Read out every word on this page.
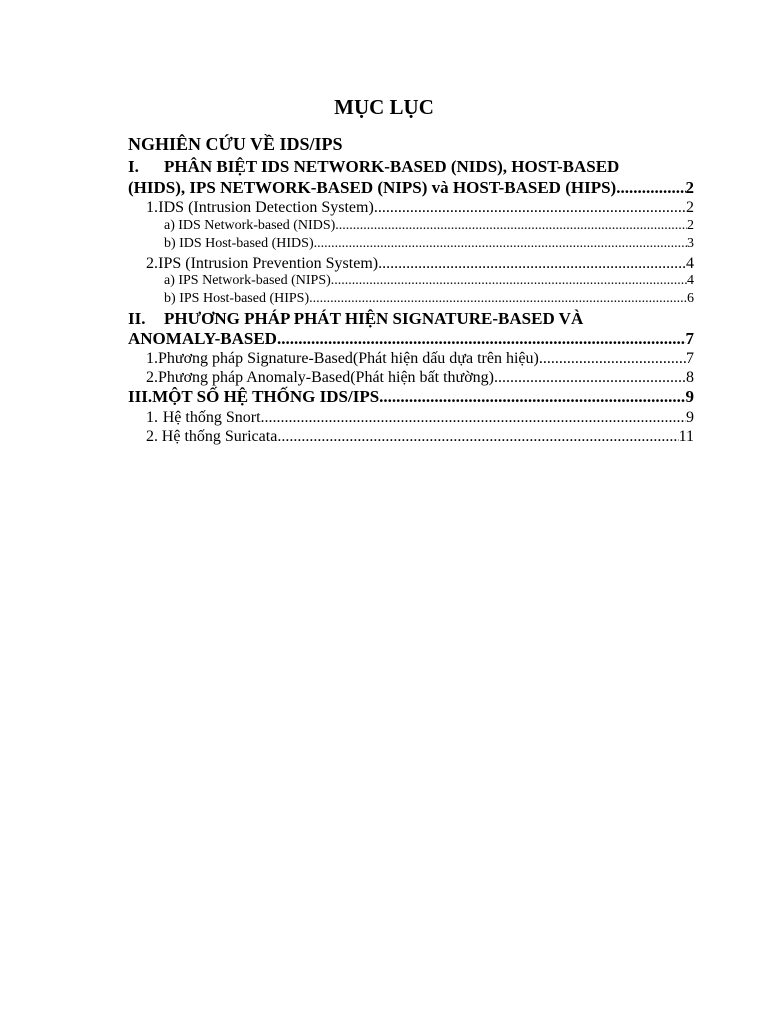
MỤC LỤC
NGHIÊN CỨU VỀ IDS/IPS
I. PHÂN BIỆT IDS NETWORK-BASED (NIDS), HOST-BASED
(HIDS), IPS NETWORK-BASED (NIPS) và HOST-BASED (HIPS). .....	2
1. IDS (Intrusion Detection System) .....	2
a) IDS Network-based (NIDS) .....	2
b) IDS Host-based (HIDS) .....	3
2. IPS (Intrusion Prevention System) .....	4
a) IPS Network-based (NIPS) .....	4
b) IPS Host-based (HIPS) .....	6
II. PHƯƠNG PHÁP PHÁT HIỆN SIGNATURE-BASED VÀ
ANOMALY-BASED .....	7
1. Phương pháp Signature-Based(Phát hiện dấu dựa trên hiệu) .....	7
2. Phương pháp Anomaly-Based(Phát hiện bất thường) .....	8
III. MỘT SỐ HỆ THỐNG IDS/IPS .....	9
1. Hệ thống Snort .....	9
2. Hệ thống Suricata .....	11
